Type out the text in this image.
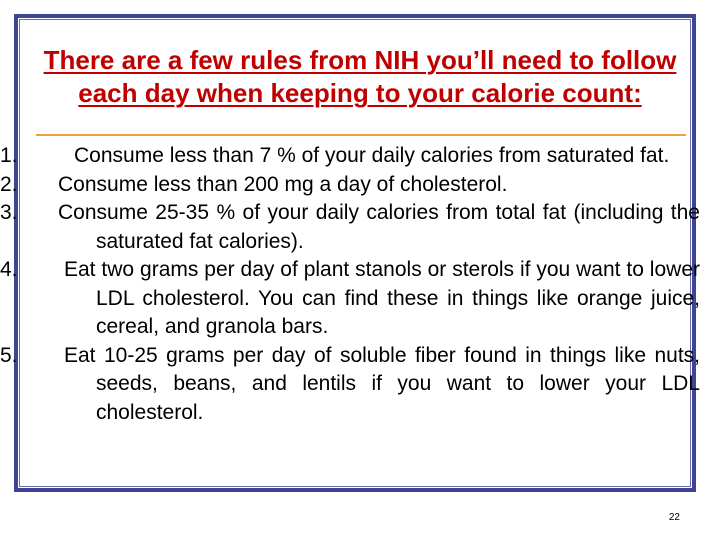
There are a few rules from NIH you’ll need to follow each day when keeping to your calorie count:
1.	Consume less than 7 % of your daily calories from saturated fat.
2. Consume less than 200 mg a day of cholesterol.
3. Consume 25-35 % of your daily calories from total fat (including the saturated fat calories).
4. Eat two grams per day of plant stanols or sterols if you want to lower LDL cholesterol. You can find these in things like orange juice, cereal, and granola bars.
5. Eat 10-25 grams per day of soluble fiber found in things like nuts, seeds, beans, and lentils if you want to lower your LDL cholesterol.
22
